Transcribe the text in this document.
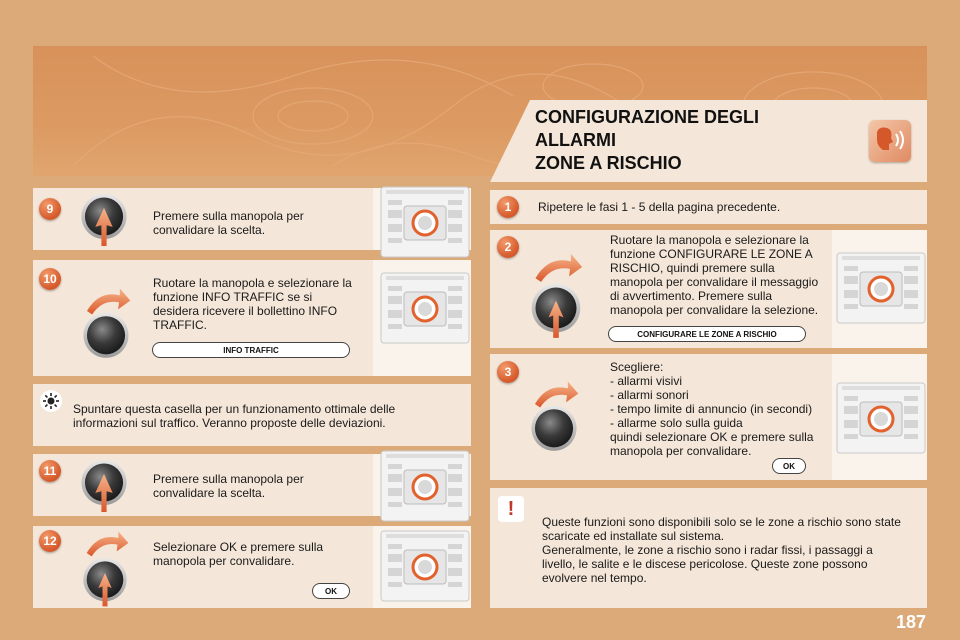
CONFIGURAZIONE DEGLI
ALLARMI
ZONE A RISCHIO
9	Premere sulla manopola per convalidare la scelta.
10	Ruotare la manopola e selezionare la funzione INFO TRAFFIC se si desidera ricevere il bollettino INFO TRAFFIC.
INFO TRAFFIC
Spuntare questa casella per un funzionamento ottimale delle informazioni sul traffico. Veranno proposte delle deviazioni.
11
Premere sulla manopola per convalidare la scelta.
12	Selezionare OK e premere sulla manopola per convalidare.
OK
1	Ripetere le fasi 1 - 5 della pagina precedente.
2	Ruotare la manopola e selezionare la funzione CONFIGURARE LE ZONE A RISCHIO, quindi premere sulla manopola per convalidare il messaggio di avvertimento. Premere sulla manopola per convalidare la selezione.
CONFIGURARE LE ZONE A RISCHIO
3	Scegliere:
- allarmi visivi
- allarmi sonori
- tempo limite di annuncio (in secondi)
- allarme solo sulla guida
quindi selezionare OK e premere sulla manopola per convalidare.
OK
!
Queste funzioni sono disponibili solo se le zone a rischio sono state scaricate ed installate sul sistema.
Generalmente, le zone a rischio sono i radar fissi, i passaggi a livello, le salite e le discese pericolose. Queste zone possono evolvere nel tempo.
187
